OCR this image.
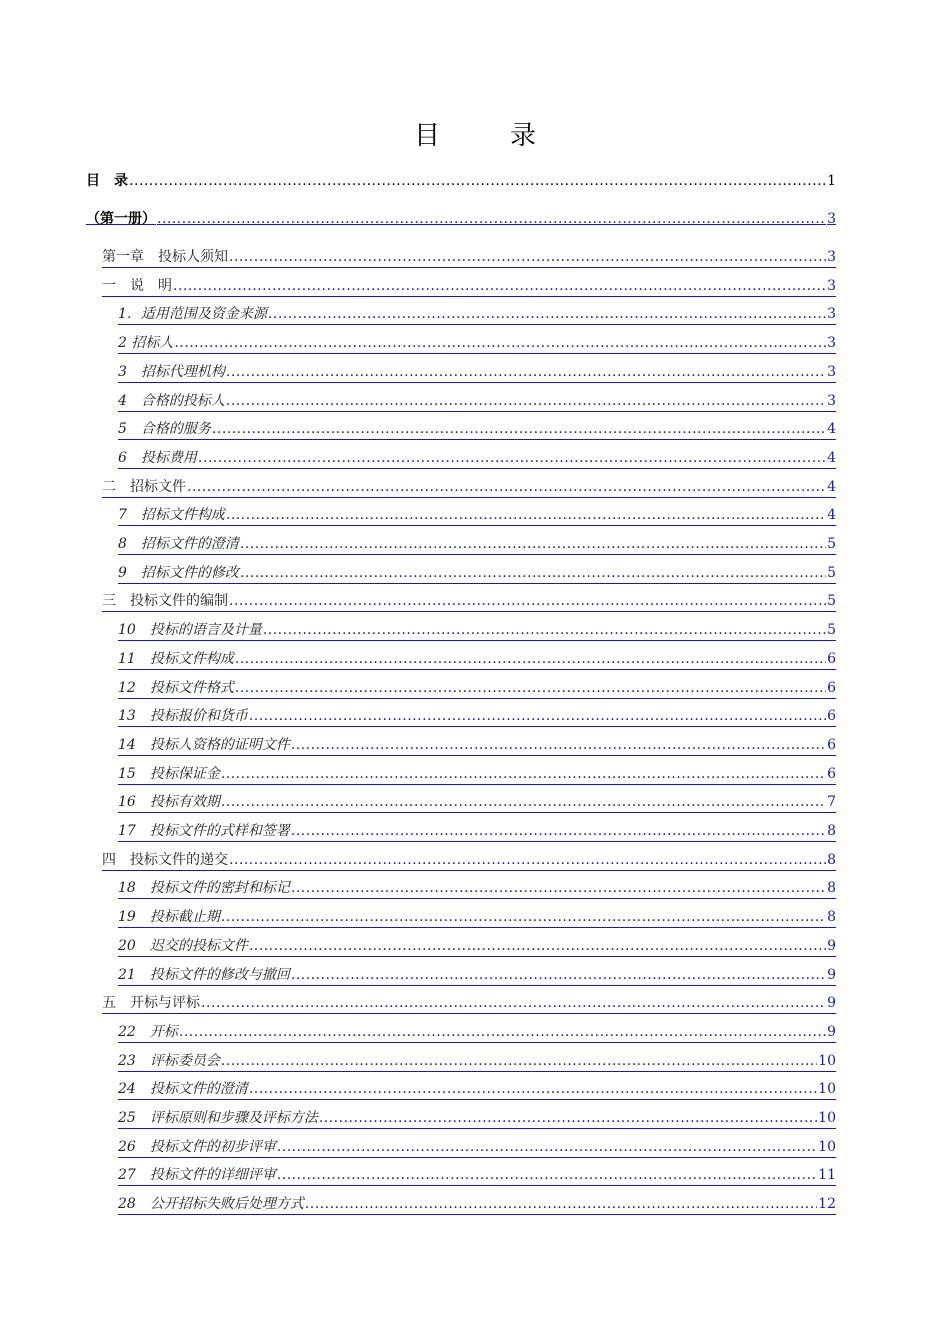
目　录
目　录 .....	1
（第一册） .....	3
第一章　投标人须知 .....	3
一　说　明 .....	3
1．适用范围及资金来源 .....	3
2 招标人 .....	3
3　招标代理机构 .....	3
4　合格的投标人 .....	3
5　合格的服务 .....	4
6　投标费用 .....	4
二　招标文件 .....	4
7　招标文件构成 .....	4
8　招标文件的澄清 .....	5
9　招标文件的修改 .....	5
三　投标文件的编制 .....	5
10　投标的语言及计量 .....	5
11　投标文件构成 .....	6
12　投标文件格式 .....	6
13　投标报价和货币 .....	6
14　投标人资格的证明文件 .....	6
15　投标保证金 .....	6
16　投标有效期 .....	7
17　投标文件的式样和签署 .....	8
四　投标文件的递交 .....	8
18　投标文件的密封和标记 .....	8
19　投标截止期 .....	8
20　迟交的投标文件 .....	9
21　投标文件的修改与撤回 .....	9
五　开标与评标 .....	9
22　开标 .....	9
23　评标委员会 .....	10
24　投标文件的澄清 .....	10
25　评标原则和步骤及评标方法 .....	10
26　投标文件的初步评审 .....	10
27　投标文件的详细评审 .....	11
28　公开招标失败后处理方式 .....	12
